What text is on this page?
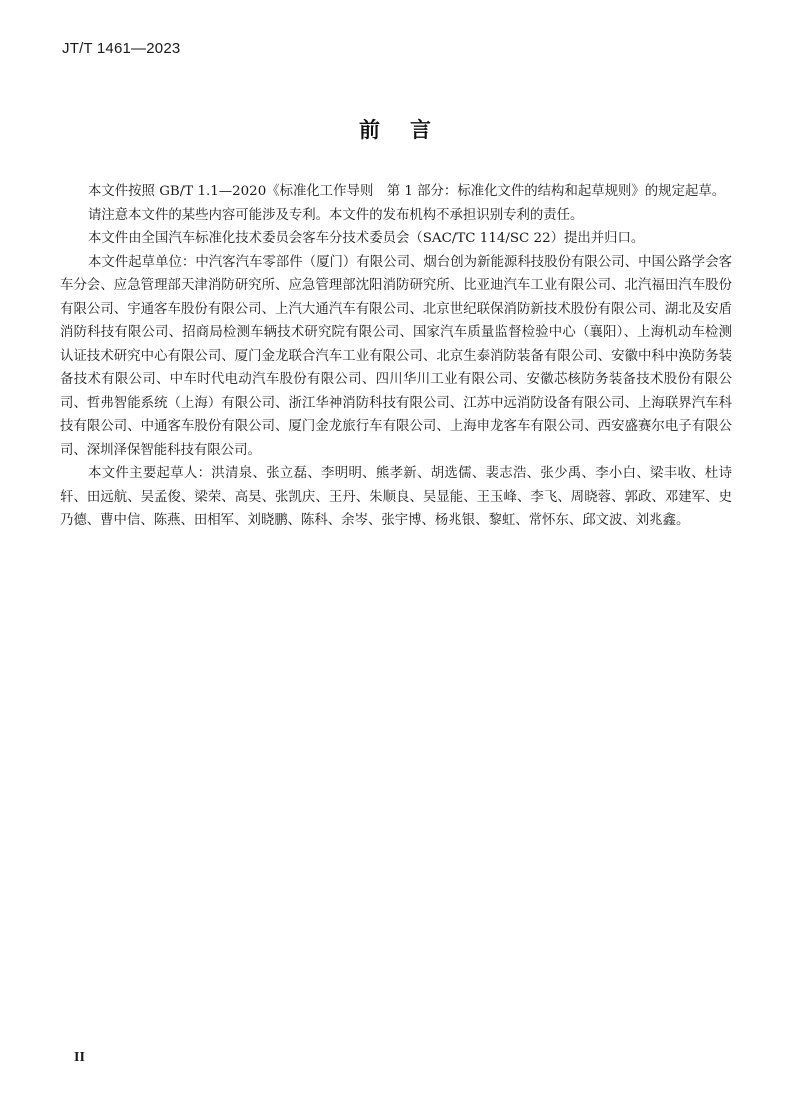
JT/T 1461—2023
前言

本文件按照 GB/T 1.1—2020《标准化工作导则　第 1 部分：标准化文件的结构和起草规则》的规定起草。

请注意本文件的某些内容可能涉及专利。本文件的发布机构不承担识别专利的责任。

本文件由全国汽车标准化技术委员会客车分技术委员会（SAC/TC 114/SC 22）提出并归口。

本文件起草单位：中汽客汽车零部件（厦门）有限公司、烟台创为新能源科技股份有限公司、中国公路学会客车分会、应急管理部天津消防研究所、应急管理部沈阳消防研究所、比亚迪汽车工业有限公司、北汽福田汽车股份有限公司、宇通客车股份有限公司、上汽大通汽车有限公司、北京世纪联保消防新技术股份有限公司、湖北及安盾消防科技有限公司、招商局检测车辆技术研究院有限公司、国家汽车质量监督检验中心（襄阳）、上海机动车检测认证技术研究中心有限公司、厦门金龙联合汽车工业有限公司、北京生泰消防装备有限公司、安徽中科中涣防务装备技术有限公司、中车时代电动汽车股份有限公司、四川华川工业有限公司、安徽芯核防务装备技术股份有限公司、哲弗智能系统（上海）有限公司、浙江华神消防科技有限公司、江苏中远消防设备有限公司、上海联界汽车科技有限公司、中通客车股份有限公司、厦门金龙旅行车有限公司、上海申龙客车有限公司、西安盛赛尔电子有限公司、深圳泽保智能科技有限公司。

本文件主要起草人：洪清泉、张立磊、李明明、熊孝新、胡选儒、裴志浩、张少禹、李小白、梁丰收、杜诗轩、田远航、吴孟俊、梁荣、高昊、张凯庆、王丹、朱顺良、吴显能、王玉峰、李飞、周晓蓉、郭政、邓建军、史乃德、曹中信、陈燕、田相军、刘晓鹏、陈科、余岑、张宇博、杨兆银、黎虹、常怀东、邱文波、刘兆鑫。

II
